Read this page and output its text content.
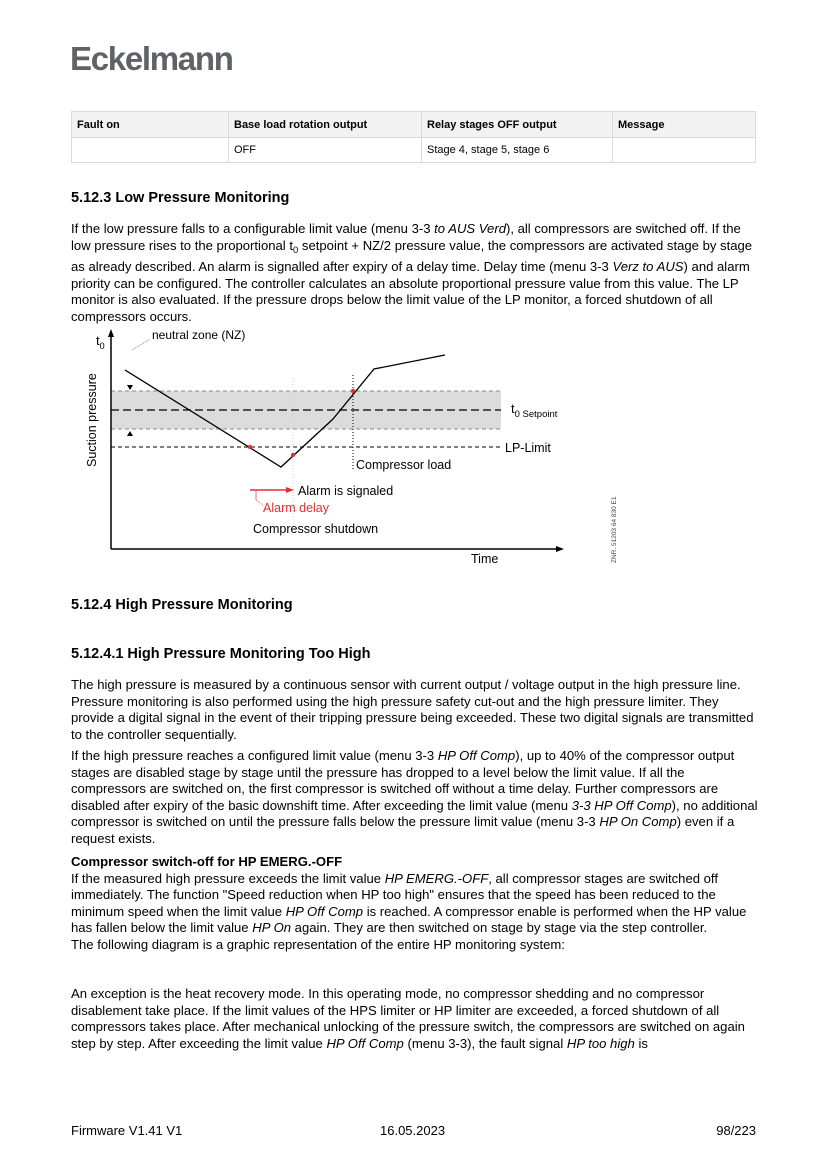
Eckelmann
Fault on	Base load rotation output	Relay stages OFF output	Message
	OFF	Stage 4, stage 5, stage 6	
5.12.3 Low Pressure Monitoring

If the low pressure falls to a configurable limit value (menu 3-3 to AUS Verd), all compressors are switched off. If the low pressure rises to the proportional $t_0$ setpoint + NZ/2 pressure value, the compressors are activated stage by stage as already described. An alarm is signalled after expiry of a delay time. Delay time (menu 3-3 Verz to AUS) and alarm priority can be configured. The controller calculates an absolute proportional pressure value from this value. The LP monitor is also evaluated. If the pressure drops below the limit value of the LP monitor, a forced shutdown of all compressors occurs.

$t_0$
neutral zone (NZ)
Suction pressure	$t_{0 Setpoint}$
LP-Limit
Compressor load
Alarm is signaled
Alarm delay
Compressor shutdown
Time	ZNR. 51203 64 830 E1
5.12.4 High Pressure Monitoring
5.12.4.1 High Pressure Monitoring Too High

The high pressure is measured by a continuous sensor with current output / voltage output in the high pressure line. Pressure monitoring is also performed using the high pressure safety cut-out and the high pressure limiter. They provide a digital signal in the event of their tripping pressure being exceeded. These two digital signals are transmitted to the controller sequentially.

If the high pressure reaches a configured limit value (menu 3-3 HP Off Comp), up to 40% of the compressor output stages are disabled stage by stage until the pressure has dropped to a level below the limit value. If all the compressors are switched on, the first compressor is switched off without a time delay. Further compressors are disabled after expiry of the basic downshift time. After exceeding the limit value (menu 3-3 HP Off Comp), no additional compressor is switched on until the pressure falls below the pressure limit value (menu 3-3 HP On Comp) even if a request exists.

Compressor switch-off for HP EMERG.-OFF
If the measured high pressure exceeds the limit value HP EMERG.-OFF, all compressor stages are switched off immediately. The function "Speed reduction when HP too high" ensures that the speed has been reduced to the minimum speed when the limit value HP Off Comp is reached. A compressor enable is performed when the HP value has fallen below the limit value HP On again. They are then switched on stage by stage via the step controller.
The following diagram is a graphic representation of the entire HP monitoring system:

An exception is the heat recovery mode. In this operating mode, no compressor shedding and no compressor disablement take place. If the limit values of the HPS limiter or HP limiter are exceeded, a forced shutdown of all compressors takes place. After mechanical unlocking of the pressure switch, the compressors are switched on again step by step. After exceeding the limit value HP Off Comp (menu 3-3), the fault signal HP too high is

Firmware V1.41 V1	16.05.2023	98/223
